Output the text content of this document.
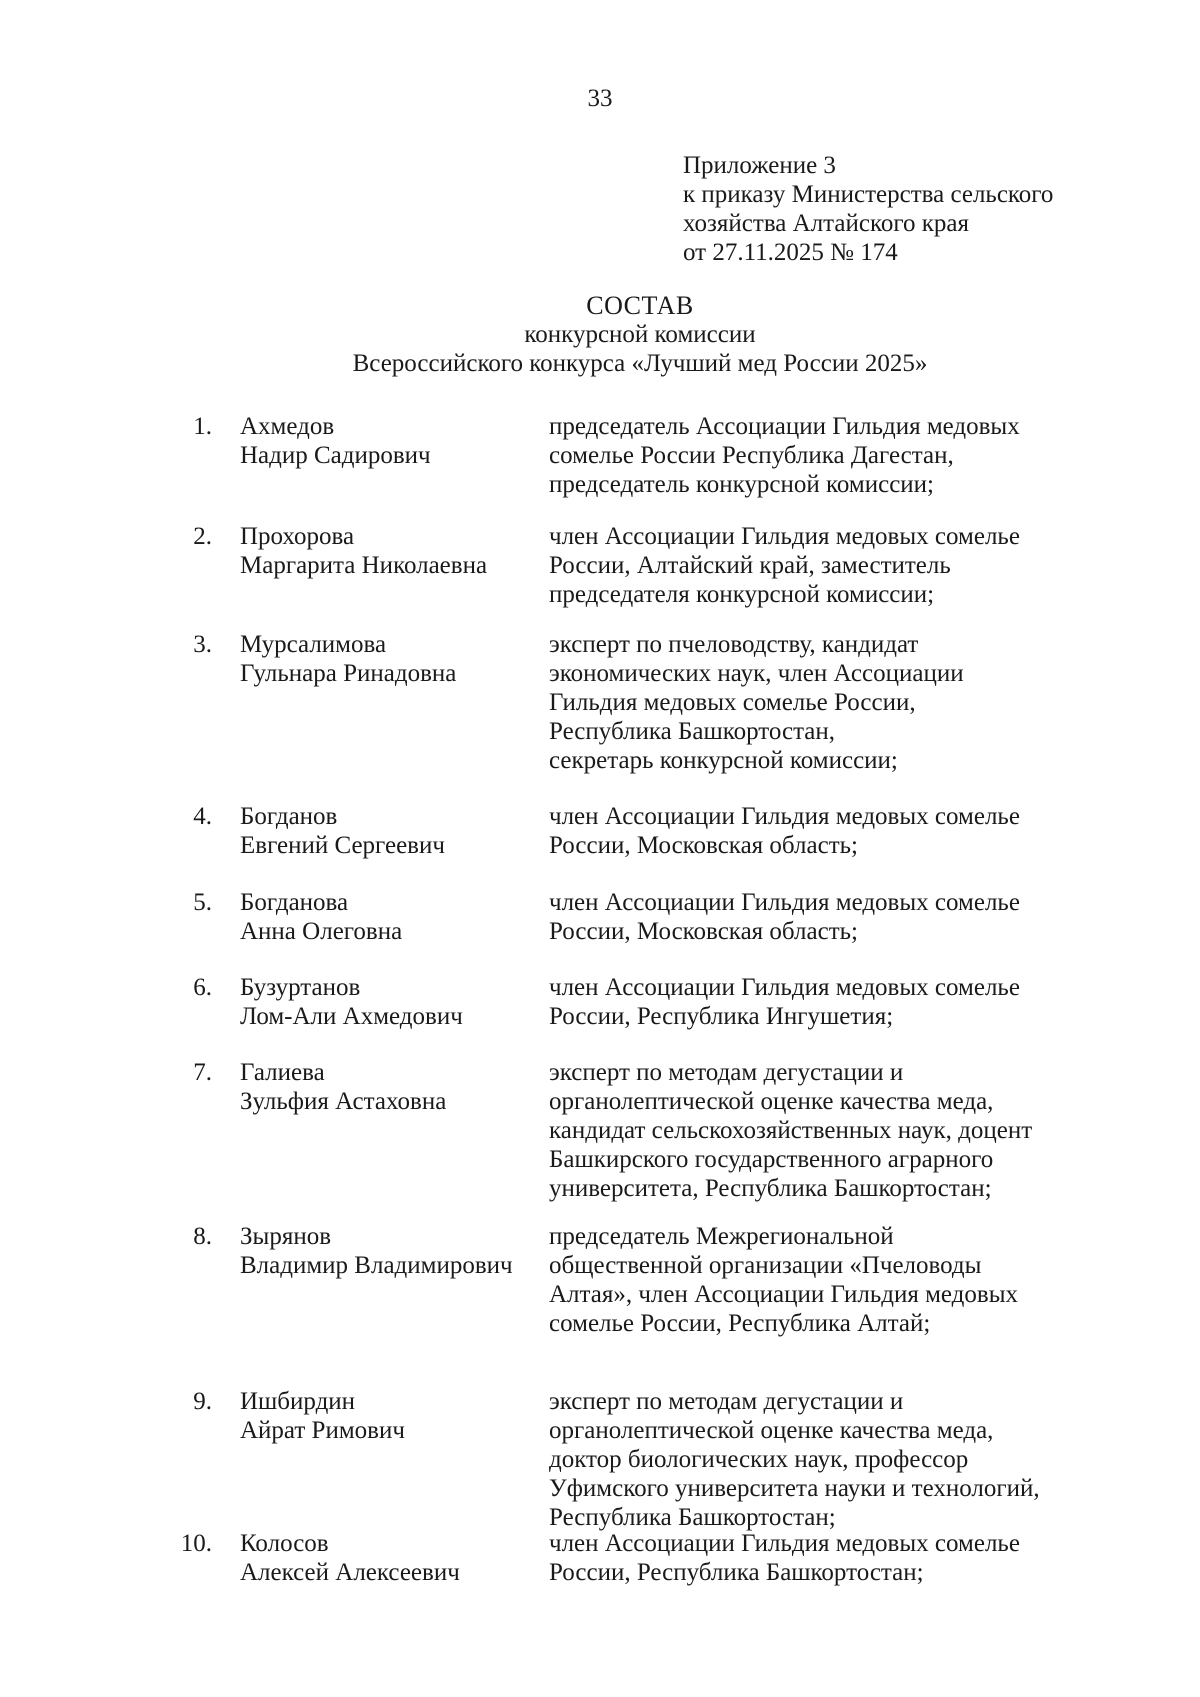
33
Приложение 3
к приказу Министерства сельского
хозяйства Алтайского края
от 27.11.2025 № 174
СОСТАВ
конкурсной комиссии
Всероссийского конкурса «Лучший мед России 2025»
1. Ахмедов
Надир Садирович
председатель Ассоциации Гильдия медовых
сомелье России Республика Дагестан,
председатель конкурсной комиссии;
2. Прохорова
Маргарита Николаевна
член Ассоциации Гильдия медовых сомелье
России, Алтайский край, заместитель
председателя конкурсной комиссии;
3. Мурсалимова
Гульнара Ринадовна
эксперт по пчеловодству, кандидат
экономических наук, член Ассоциации
Гильдия медовых сомелье России,
Республика Башкортостан,
секретарь конкурсной комиссии;
4. Богданов
Евгений Сергеевич
член Ассоциации Гильдия медовых сомелье
России, Московская область;
5. Богданова
Анна Олеговна
член Ассоциации Гильдия медовых сомелье
России, Московская область;
6. Бузуртанов
Лом-Али Ахмедович
член Ассоциации Гильдия медовых сомелье
России, Республика Ингушетия;
7. Галиева
Зульфия Астаховна
эксперт по методам дегустации и
органолептической оценке качества меда,
кандидат сельскохозяйственных наук, доцент
Башкирского государственного аграрного
университета, Республика Башкортостан;
8. Зырянов
Владимир Владимирович
председатель Межрегиональной
общественной организации «Пчеловоды
Алтая», член Ассоциации Гильдия медовых
сомелье России, Республика Алтай;
9. Ишбирдин
Айрат Римович
эксперт по методам дегустации и
органолептической оценке качества меда,
доктор биологических наук, профессор
Уфимского университета науки и технологий,
Республика Башкортостан;
10. Колосов
Алексей Алексеевич
член Ассоциации Гильдия медовых сомелье
России, Республика Башкортостан;
